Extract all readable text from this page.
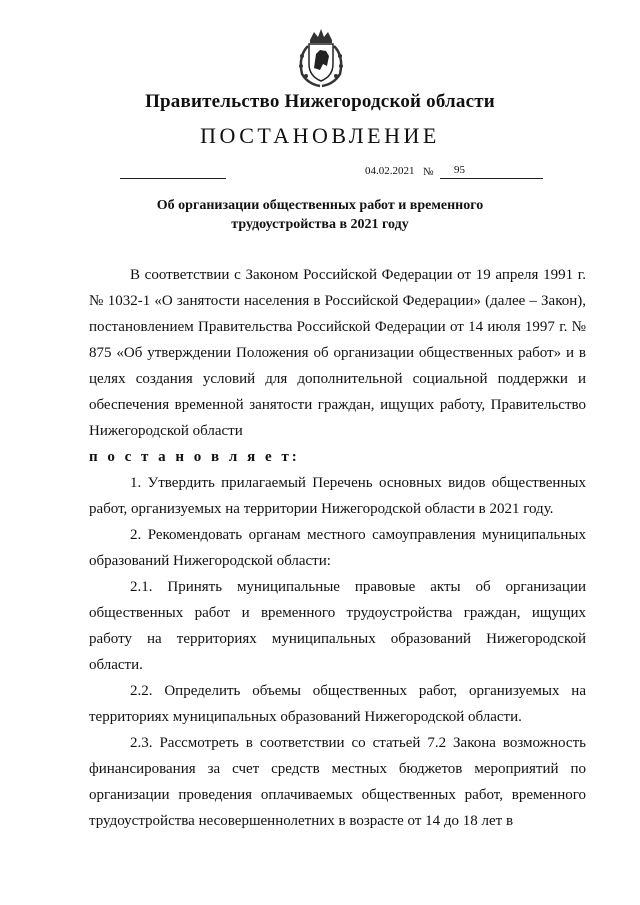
Правительство Нижегородской области
ПОСТАНОВЛЕНИЕ
04.02.2021 № 95
Об организации общественных работ и временного
трудоустройства в 2021 году

В соответствии с Законом Российской Федерации от 19 апреля 1991 г. № 1032-1 «О занятости населения в Российской Федерации» (далее – Закон), постановлением Правительства Российской Федерации от 14 июля 1997 г. № 875 «Об утверждении Положения об организации общественных работ» и в целях создания условий для дополнительной социальной поддержки и обеспечения временной занятости граждан, ищущих работу, Правительство Нижегородской области

п о с т а н о в л я е т:

1. Утвердить прилагаемый Перечень основных видов общественных работ, организуемых на территории Нижегородской области в 2021 году.

2. Рекомендовать органам местного самоуправления муниципальных образований Нижегородской области:

2.1. Принять муниципальные правовые акты об организации общественных работ и временного трудоустройства граждан, ищущих работу на территориях муниципальных образований Нижегородской области.

2.2. Определить объемы общественных работ, организуемых на территориях муниципальных образований Нижегородской области.

2.3. Рассмотреть в соответствии со статьей 7.2 Закона возможность финансирования за счет средств местных бюджетов мероприятий по организации проведения оплачиваемых общественных работ, временного трудоустройства несовершеннолетних в возрасте от 14 до 18 лет в
